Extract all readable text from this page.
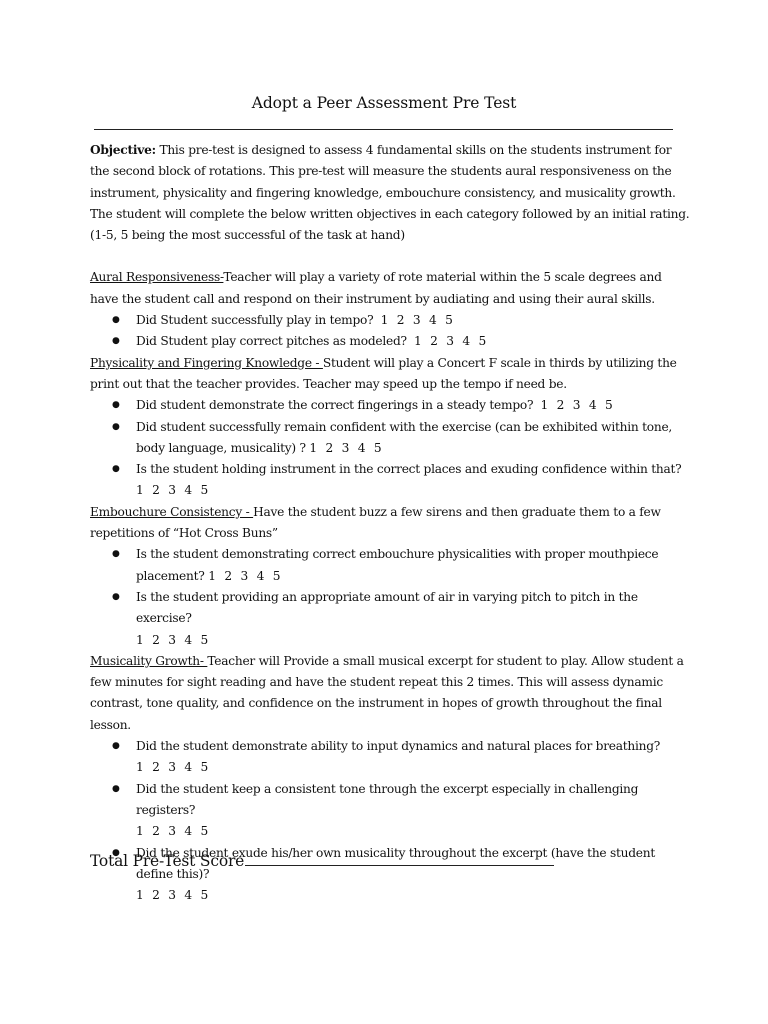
Adopt a Peer Assessment Pre Test

Objective: This pre-test is designed to assess 4 fundamental skills on the students instrument for the second block of rotations. This pre-test will measure the students aural responsiveness on the instrument, physicality and fingering knowledge, embouchure consistency, and musicality growth.

The student will complete the below written objectives in each category followed by an initial rating. (1-5, 5 being the most successful of the task at hand)

Aural Responsiveness-Teacher will play a variety of rote material within the 5 scale degrees and have the student call and respond on their instrument by audiating and using their aural skills.

● Did Student successfully play in tempo? 1 2 3 4 5
● Did Student play correct pitches as modeled? 1 2 3 4 5

Physicality and Fingering Knowledge - Student will play a Concert F scale in thirds by utilizing the print out that the teacher provides. Teacher may speed up the tempo if need be.

● Did student demonstrate the correct fingerings in a steady tempo? 1 2 3 4 5
● Did student successfully remain confident with the exercise (can be exhibited within tone, body language, musicality) ? 1 2 3 4 5
● Is the student holding instrument in the correct places and exuding confidence within that?
1 2 3 4 5

Embouchure Consistency - Have the student buzz a few sirens and then graduate them to a few repetitions of “Hot Cross Buns”

● Is the student demonstrating correct embouchure physicalities with proper mouthpiece placement? 1 2 3 4 5
● Is the student providing an appropriate amount of air in varying pitch to pitch in the exercise?
1 2 3 4 5

Musicality Growth- Teacher will Provide a small musical excerpt for student to play. Allow student a few minutes for sight reading and have the student repeat this 2 times. This will assess dynamic contrast, tone quality, and confidence on the instrument in hopes of growth throughout the final lesson.

● Did the student demonstrate ability to input dynamics and natural places for breathing?
1 2 3 4 5
● Did the student keep a consistent tone through the excerpt especially in challenging registers?
1 2 3 4 5
● Did the student exude his/her own musicality throughout the excerpt (have the student define this)?
1 2 3 4 5
Total Pre-Test Score
